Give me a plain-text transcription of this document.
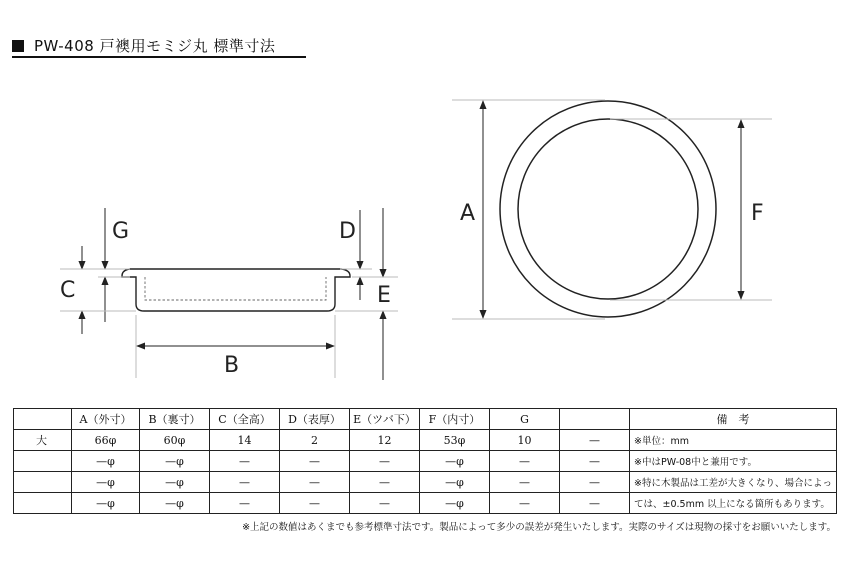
PW-408 戸襖用モミジ丸 標準寸法
G
C
D
E
B
A	F
	A（外寸）	B（裏寸）	C（全高）	D（表厚）	E（ツバ下）	F（内寸）	G		備　考
大	66φ	60φ	14	2	12	53φ	10	—	※単位：mm
	—φ	—φ	—	—	—	—φ	—	—	※中はPW-08中と兼用です。
	—φ	—φ	—	—	—	—φ	—	—	※特に木製品は工差が大きくなり、場合によっ
	—φ	—φ	—	—	—	—φ	—	—	ては、±0.5mm 以上になる箇所もあります。
※上記の数値はあくまでも参考標準寸法です。製品によって多少の誤差が発生いたします。実際のサイズは現物の採寸をお願いいたします。
